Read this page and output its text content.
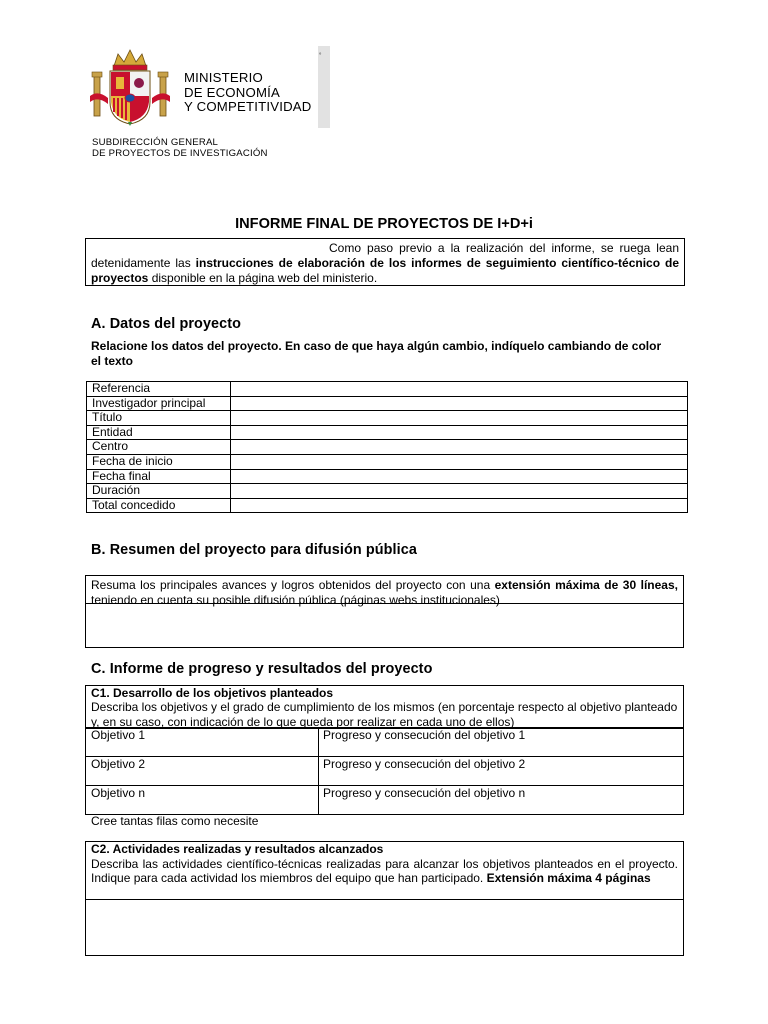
˚
MINISTERIO
DE ECONOMÍA
Y COMPETITIVIDAD
SUBDIRECCIÓN GENERAL
DE PROYECTOS DE INVESTIGACIÓN
INFORME FINAL DE PROYECTOS DE I+D+i

Como paso previo a la realización del informe, se ruega lean detenidamente las instrucciones de elaboración de los informes de seguimiento científico-técnico de proyectos disponible en la página web del ministerio.

A. Datos del proyecto
Relacione los datos del proyecto. En caso de que haya algún cambio, indíquelo cambiando de color el texto
Referencia	
Investigador principal	
Título	
Entidad	
Centro	
Fecha de inicio	
Fecha final	
Duración	
Total concedido	
B. Resumen del proyecto para difusión pública
Resuma los principales avances y logros obtenidos del proyecto con una extensión máxima de 30 líneas, teniendo en cuenta su posible difusión pública (páginas webs institucionales)
C. Informe de progreso y resultados del proyecto
C1. Desarrollo de los objetivos planteados
Describa los objetivos y el grado de cumplimiento de los mismos (en porcentaje respecto al objetivo planteado y, en su caso, con indicación de lo que queda por realizar en cada uno de ellos)
Objetivo 1	Progreso y consecución del objetivo 1
Objetivo 2	Progreso y consecución del objetivo 2
Objetivo n	Progreso y consecución del objetivo n
Cree tantas filas como necesite
C2. Actividades realizadas y resultados alcanzados
Describa las actividades científico-técnicas realizadas para alcanzar los objetivos planteados en el proyecto. Indique para cada actividad los miembros del equipo que han participado. Extensión máxima 4 páginas
